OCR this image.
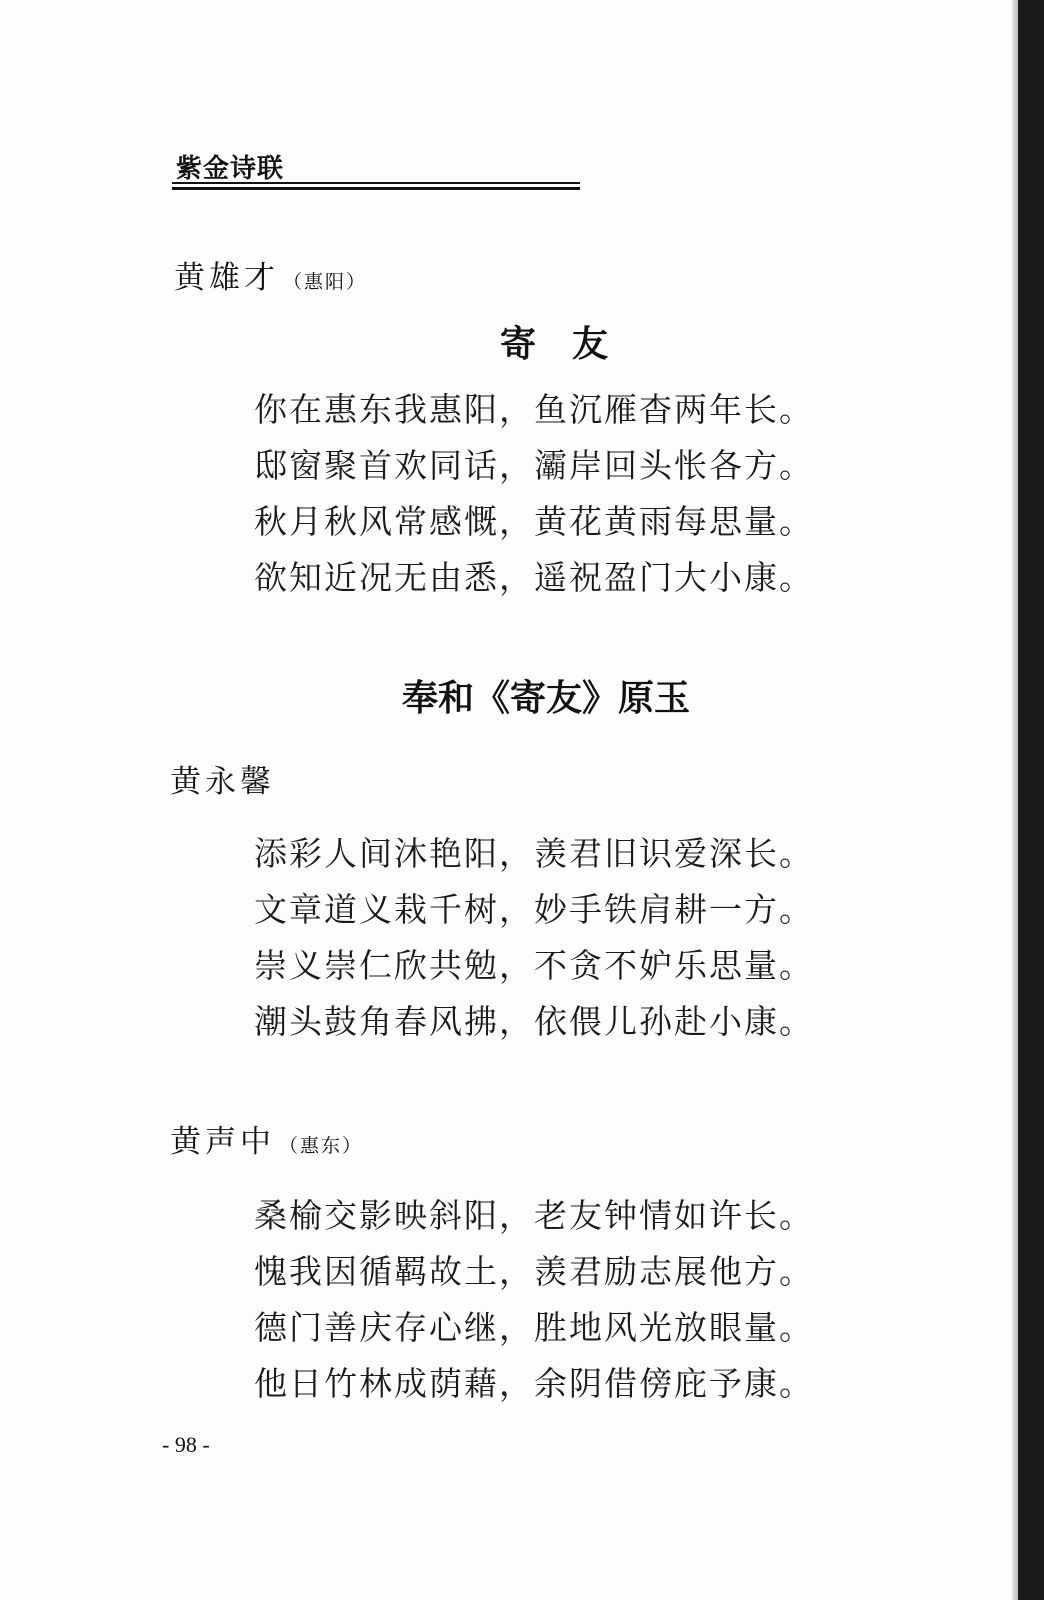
紫金诗联
黄雄才 （惠阳）
寄　友
你在惠东我惠阳，鱼沉雁杳两年长。
邸窗聚首欢同话，灞岸回头怅各方。
秋月秋风常感慨，黄花黄雨每思量。
欲知近况无由悉，遥祝盈门大小康。
奉和《寄友》原玉
黄永馨
添彩人间沐艳阳，羡君旧识爱深长。
文章道义栽千树，妙手铁肩耕一方。
崇义崇仁欣共勉，不贪不妒乐思量。
潮头鼓角春风拂，依偎儿孙赴小康。
黄声中 （惠东）
桑榆交影映斜阳，老友钟情如许长。
愧我因循羁故土，羡君励志展他方。
德门善庆存心继，胜地风光放眼量。
他日竹林成荫藉，余阴借傍庇予康。
- 98 -
